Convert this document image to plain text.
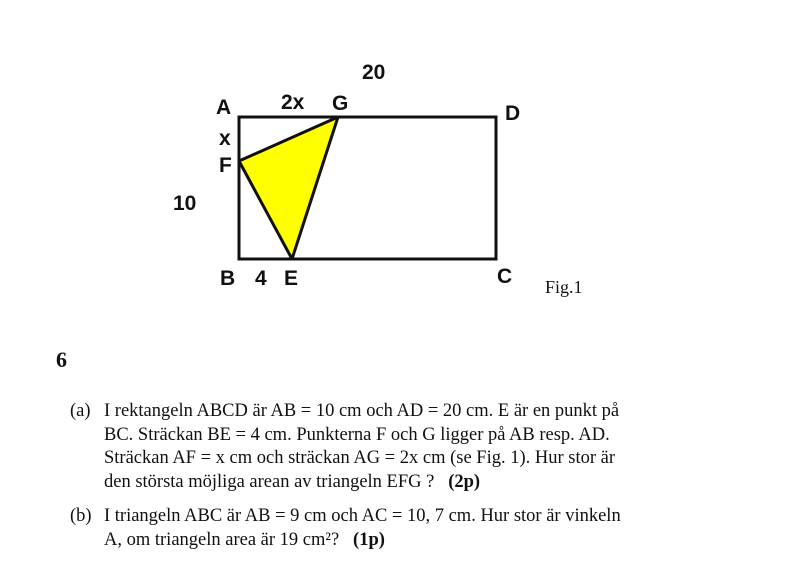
20
A 2x G	D
x
F
10
B 4 E	C Fig.1
6
(a) I rektangeln ABCD är AB = 10 cm och AD = 20 cm. E är en punkt på
BC. Sträckan BE = 4 cm. Punkterna F och G ligger på AB resp. AD.
Sträckan AF = x cm och sträckan AG = 2x cm (se Fig. 1). Hur stor är
den största möjliga arean av triangeln EFG ? (2p)
(b) I triangeln ABC är AB = 9 cm och AC = 10, 7 cm. Hur stor är vinkeln
A, om triangeln area är 19 cm²? (1p)
